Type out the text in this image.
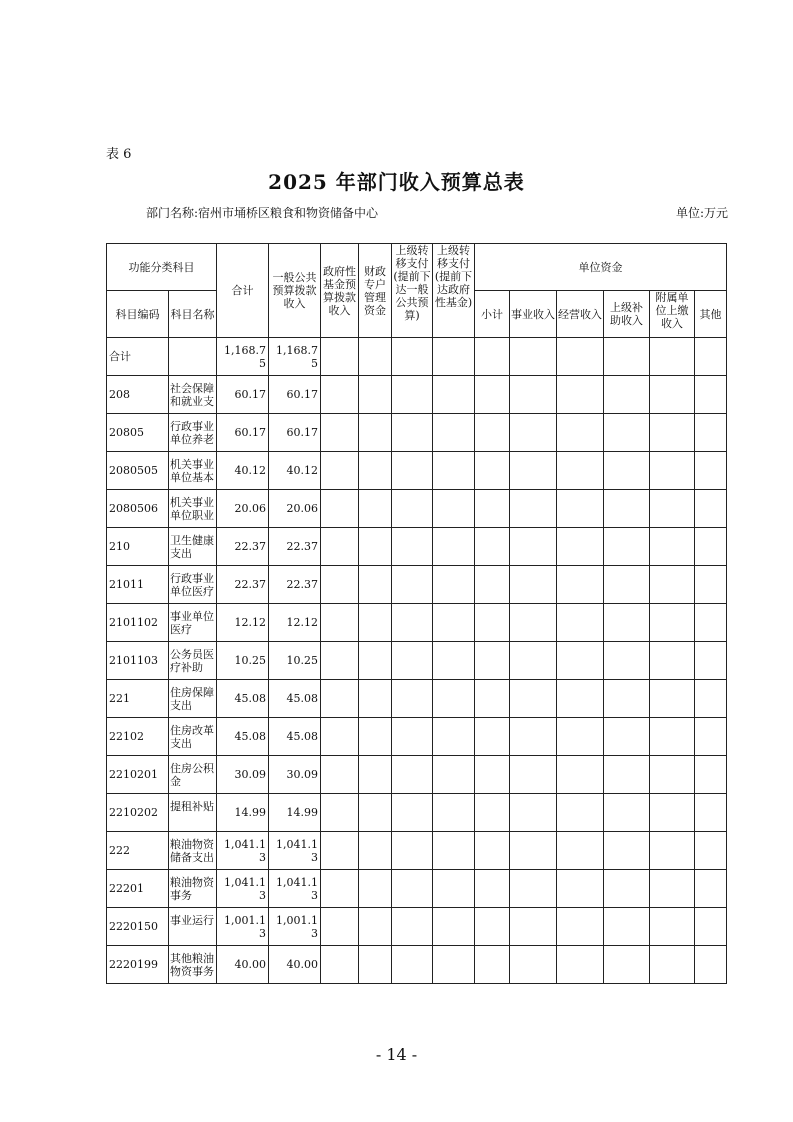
表 6
2025 年部门收入预算总表
部门名称:宿州市埇桥区粮食和物资储备中心	单位:万元
功能分类科目		合计	一般公共预算拨款收入	政府性基金预算拨款收入	财政专户管理资金	上级转移支付(提前下达一般公共预算)	上级转移支付(提前下达政府性基金)	单位资金					
科目编码	科目名称							小计	事业收入	经营收入	上级补助收入	附属单位上缴收入	其他
合计		1,168.75	1,168.75										
208	社会保障和就业支	60.17	60.17										
20805	行政事业单位养老	60.17	60.17										
2080505	机关事业单位基本	40.12	40.12										
2080506	机关事业单位职业	20.06	20.06										
210	卫生健康支出	22.37	22.37										
21011	行政事业单位医疗	22.37	22.37										
2101102	事业单位医疗	12.12	12.12										
2101103	公务员医疗补助	10.25	10.25										
221	住房保障支出	45.08	45.08										
22102	住房改革支出	45.08	45.08										
2210201	住房公积金	30.09	30.09										
2210202	提租补贴	14.99	14.99										
222	粮油物资储备支出	1,041.13	1,041.13										
22201	粮油物资事务	1,041.13	1,041.13										
2220150	事业运行	1,001.13	1,001.13										
2220199	其他粮油物资事务	40.00	40.00										
- 14 -
